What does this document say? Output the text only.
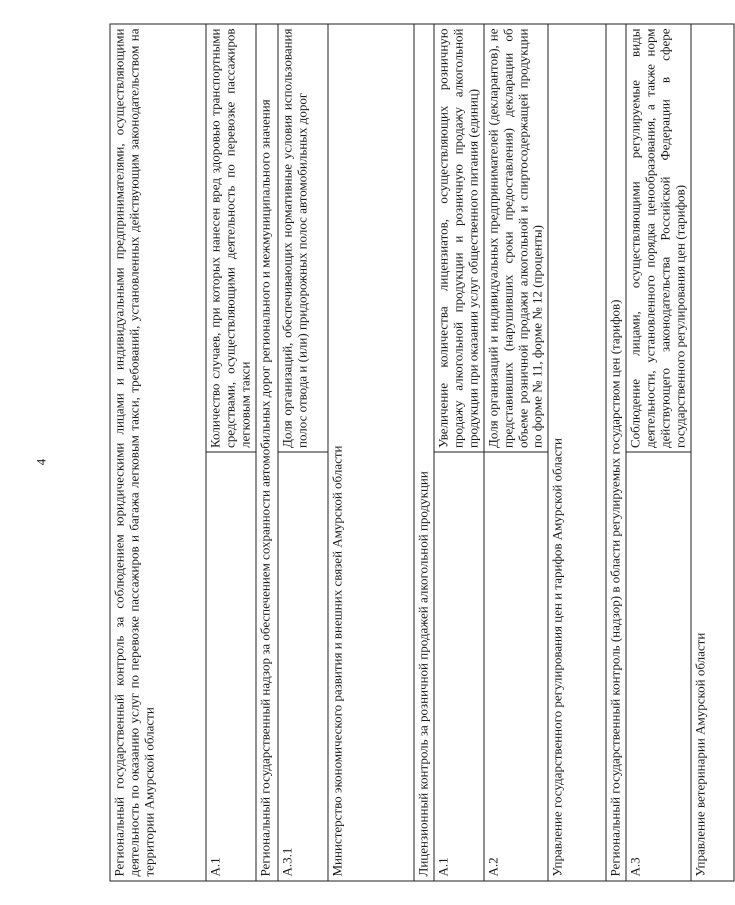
4	Региональный государственный контроль за соблюдением юридическими лицами и индивидуальными предпринимателями, осуществляющими деятельность по оказанию услуг по перевозке пассажиров и багажа легковым такси, требований, установленных действующим законодательством на территории Амурской области	
А.1	Количество случаев, при которых нанесен вред здоровью транспортными средствами, осуществляющими деятельность по перевозке пассажиров легковым такси
Региональный государственный надзор за обеспечением сохранности автомобильных дорог регионального и межмуниципального значения	
А.3.1	Доля организаций, обеспечивающих нормативные условия использования полос отвода и (или) придорожных полос автомобильных дорог
Министерство экономического развития и внешних связей Амурской области	
Лицензионный контроль за розничной продажей алкогольной продукции	
А.1	Увеличение количества лицензиатов, осуществляющих розничную продажу алкогольной продукции и розничную продажу алкогольной продукции при оказании услуг общественного питания (единиц)
А.2	Доля организаций и индивидуальных предпринимателей (декларантов), не представивших (нарушивших сроки предоставления) декларации об объеме розничной продажи алкогольной и спиртосодержащей продукции по форме № 11, форме № 12 (проценты)
Управление государственного регулирования цен и тарифов Амурской области	
Региональный государственный контроль (надзор) в области регулируемых государством цен (тарифов)	
А.3	Соблюдение лицами, осуществляющими регулируемые виды деятельности, установленного порядка ценообразования, а также норм действующего законодательства Российской Федерации в сфере государственного регулирования цен (тарифов)
Управление ветеринарии Амурской области	
